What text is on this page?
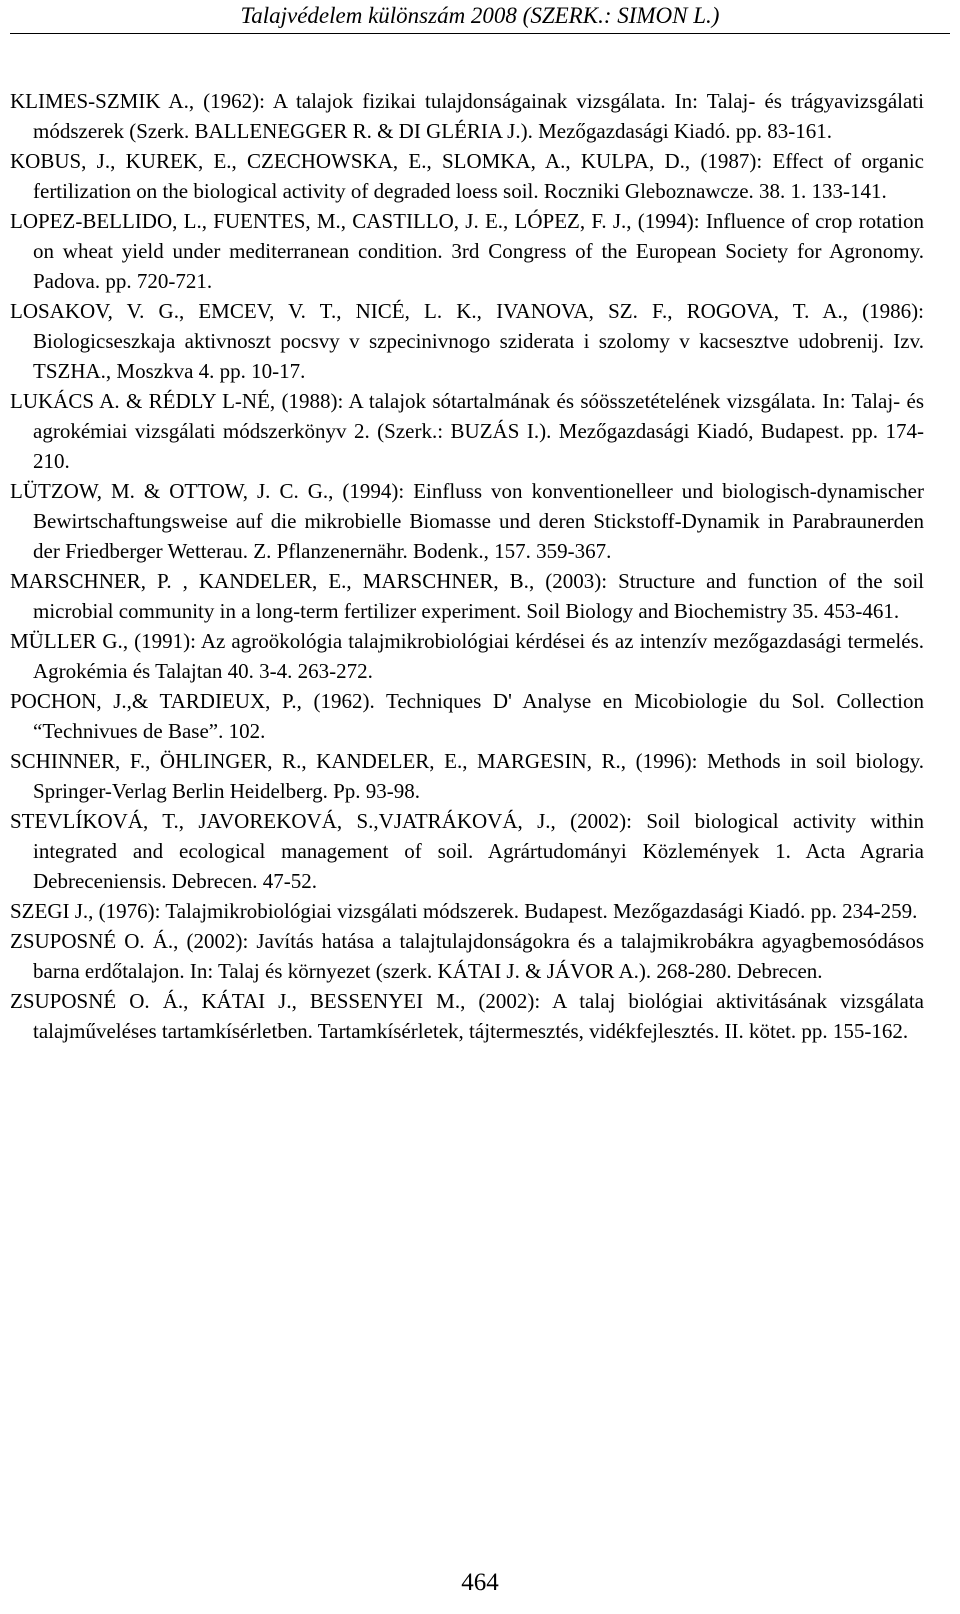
Talajvédelem különszám 2008 (SZERK.: SIMON L.)

KLIMES-SZMIK A., (1962): A talajok fizikai tulajdonságainak vizsgálata. In: Talaj- és trágyavizsgálati módszerek (Szerk. BALLENEGGER R. & DI GLÉRIA J.). Mezőgazdasági Kiadó. pp. 83-161.

KOBUS, J., KUREK, E., CZECHOWSKA, E., SLOMKA, A., KULPA, D., (1987): Effect of organic fertilization on the biological activity of degraded loess soil. Roczniki Gleboznawcze. 38. 1. 133-141.

LOPEZ-BELLIDO, L., FUENTES, M., CASTILLO, J. E., LÓPEZ, F. J., (1994): Influence of crop rotation on wheat yield under mediterranean condition. 3rd Congress of the European Society for Agronomy. Padova. pp. 720-721.

LOSAKOV, V. G., EMCEV, V. T., NICÉ, L. K., IVANOVA, SZ. F., ROGOVA, T. A., (1986): Biologicseszkaja aktivnoszt pocsvy v szpecinivnogo sziderata i szolomy v kacsesztve udobrenij. Izv. TSZHA., Moszkva 4. pp. 10-17.

LUKÁCS A. & RÉDLY L-NÉ, (1988): A talajok sótartalmának és sóösszetételének vizsgálata. In: Talaj- és agrokémiai vizsgálati módszerkönyv 2. (Szerk.: BUZÁS I.). Mezőgazdasági Kiadó, Budapest. pp. 174-210.

LÜTZOW, M. & OTTOW, J. C. G., (1994): Einfluss von konventionelleer und biologisch-dynamischer Bewirtschaftungsweise auf die mikrobielle Biomasse und deren Stickstoff-Dynamik in Parabraunerden der Friedberger Wetterau. Z. Pflanzenernähr. Bodenk., 157. 359-367.

MARSCHNER, P. , KANDELER, E., MARSCHNER, B., (2003): Structure and function of the soil microbial community in a long-term fertilizer experiment. Soil Biology and Biochemistry 35. 453-461.

MÜLLER G., (1991): Az agroökológia talajmikrobiológiai kérdései és az intenzív mezőgazdasági termelés. Agrokémia és Talajtan 40. 3-4. 263-272.

POCHON, J.,& TARDIEUX, P., (1962). Techniques D' Analyse en Micobiologie du Sol. Collection “Technivues de Base”. 102.

SCHINNER, F., ÖHLINGER, R., KANDELER, E., MARGESIN, R., (1996): Methods in soil biology. Springer-Verlag Berlin Heidelberg. Pp. 93-98.

STEVLÍKOVÁ, T., JAVOREKOVÁ, S.,VJATRÁKOVÁ, J., (2002): Soil biological activity within integrated and ecological management of soil. Agrártudományi Közlemények 1. Acta Agraria Debreceniensis. Debrecen. 47-52.

SZEGI J., (1976): Talajmikrobiológiai vizsgálati módszerek. Budapest. Mezőgazdasági Kiadó. pp. 234-259.

ZSUPOSNÉ O. Á., (2002): Javítás hatása a talajtulajdonságokra és a talajmikrobákra agyagbemosódásos barna erdőtalajon. In: Talaj és környezet (szerk. KÁTAI J. & JÁVOR A.). 268-280. Debrecen.

ZSUPOSNÉ O. Á., KÁTAI J., BESSENYEI M., (2002): A talaj biológiai aktivitásának vizsgálata talajműveléses tartamkísérletben. Tartamkísérletek, tájtermesztés, vidékfejlesztés. II. kötet. pp. 155-162.

464
